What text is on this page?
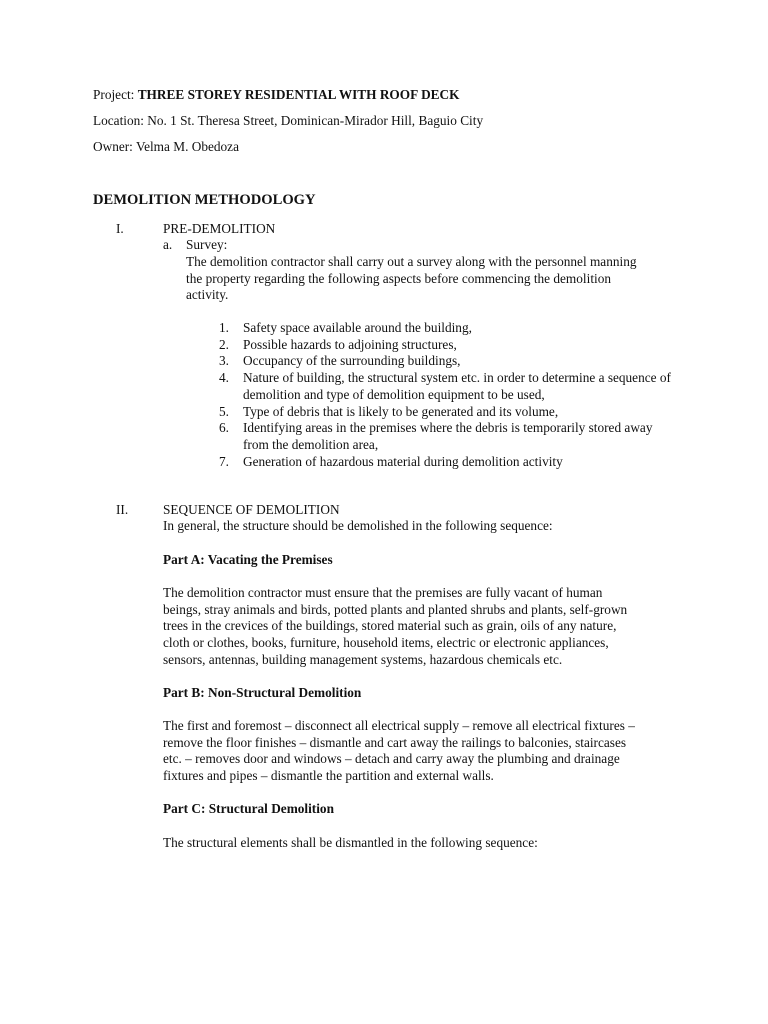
Project: THREE STOREY RESIDENTIAL WITH ROOF DECK
Location: No. 1 St. Theresa Street, Dominican-Mirador Hill, Baguio City
Owner: Velma M. Obedoza
DEMOLITION METHODOLOGY
I.	PRE-DEMOLITION
a. Survey:
The demolition contractor shall carry out a survey along with the personnel manning
the property regarding the following aspects before commencing the demolition
activity.
1. Safety space available around the building,
2. Possible hazards to adjoining structures,
3. Occupancy of the surrounding buildings,
4. Nature of building, the structural system etc. in order to determine a sequence of demolition and type of demolition equipment to be used,
5. Type of debris that is likely to be generated and its volume,
6. Identifying areas in the premises where the debris is temporarily stored away from the demolition area,
7. Generation of hazardous material during demolition activity
II.	SEQUENCE OF DEMOLITION
In general, the structure should be demolished in the following sequence:
Part A: Vacating the Premises
The demolition contractor must ensure that the premises are fully vacant of human
beings, stray animals and birds, potted plants and planted shrubs and plants, self-grown
trees in the crevices of the buildings, stored material such as grain, oils of any nature,
cloth or clothes, books, furniture, household items, electric or electronic appliances,
sensors, antennas, building management systems, hazardous chemicals etc.
Part B: Non-Structural Demolition
The first and foremost – disconnect all electrical supply – remove all electrical fixtures –
remove the floor finishes – dismantle and cart away the railings to balconies, staircases
etc. – removes door and windows – detach and carry away the plumbing and drainage
fixtures and pipes – dismantle the partition and external walls.
Part C: Structural Demolition
The structural elements shall be dismantled in the following sequence:
